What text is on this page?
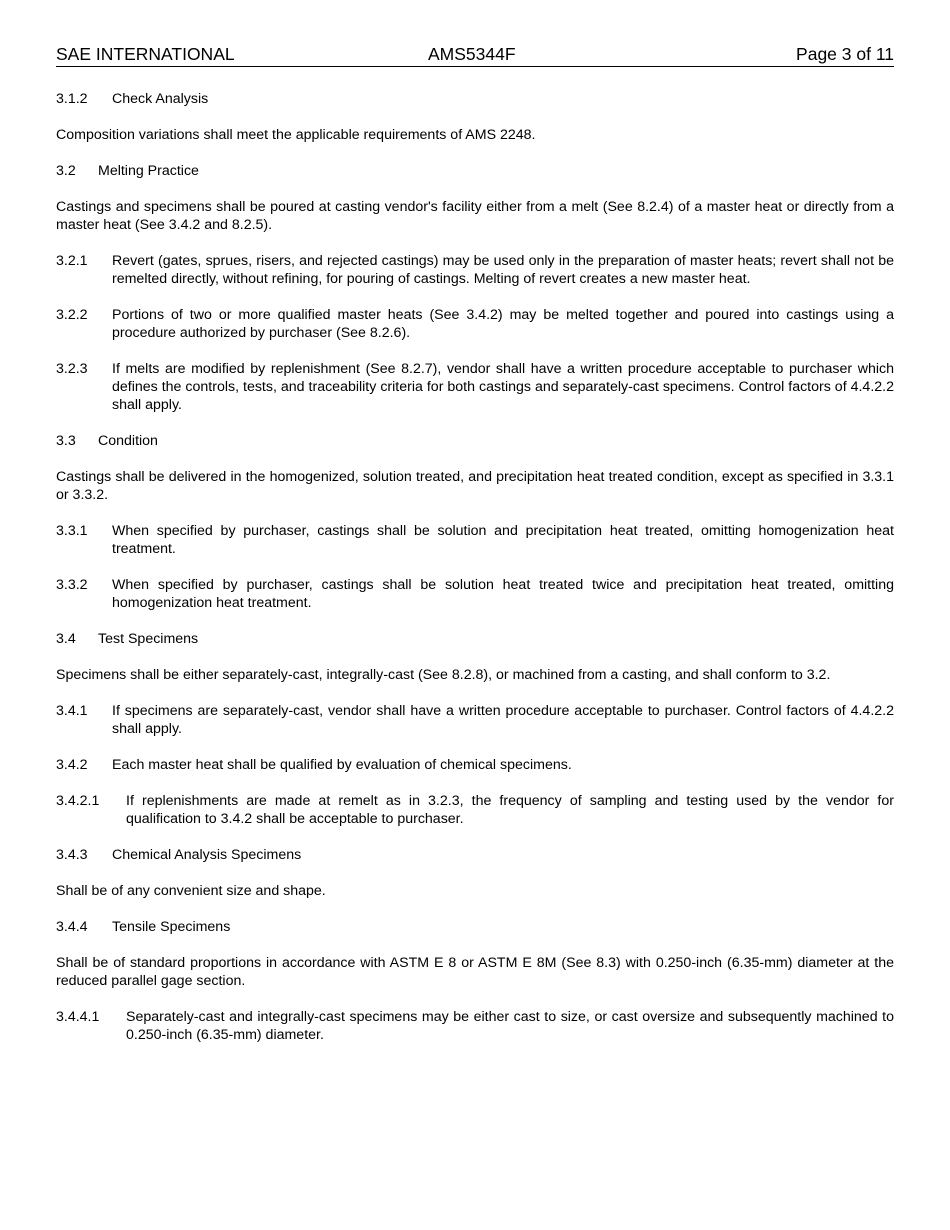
SAE INTERNATIONAL	AMS5344F	Page 3 of 11
3.1.2 Check Analysis

Composition variations shall meet the applicable requirements of AMS 2248.

3.2 Melting Practice

Castings and specimens shall be poured at casting vendor's facility either from a melt (See 8.2.4) of a master heat or directly from a master heat (See 3.4.2 and 8.2.5).

3.2.1	Revert (gates, sprues, risers, and rejected castings) may be used only in the preparation of master heats; revert shall not be remelted directly, without refining, for pouring of castings. Melting of revert creates a new master heat.
3.2.2	Portions of two or more qualified master heats (See 3.4.2) may be melted together and poured into castings using a procedure authorized by purchaser (See 8.2.6).
3.2.3	If melts are modified by replenishment (See 8.2.7), vendor shall have a written procedure acceptable to purchaser which defines the controls, tests, and traceability criteria for both castings and separately-cast specimens. Control factors of 4.4.2.2 shall apply.
3.3 Condition

Castings shall be delivered in the homogenized, solution treated, and precipitation heat treated condition, except as specified in 3.3.1 or 3.3.2.

3.3.1	When specified by purchaser, castings shall be solution and precipitation heat treated, omitting homogenization heat treatment.
3.3.2	When specified by purchaser, castings shall be solution heat treated twice and precipitation heat treated, omitting homogenization heat treatment.
3.4 Test Specimens

Specimens shall be either separately-cast, integrally-cast (See 8.2.8), or machined from a casting, and shall conform to 3.2.

3.4.1	If specimens are separately-cast, vendor shall have a written procedure acceptable to purchaser. Control factors of 4.4.2.2 shall apply.
3.4.2	Each master heat shall be qualified by evaluation of chemical specimens.
3.4.2.1	If replenishments are made at remelt as in 3.2.3, the frequency of sampling and testing used by the vendor for qualification to 3.4.2 shall be acceptable to purchaser.
3.4.3	Chemical Analysis Specimens

Shall be of any convenient size and shape.

3.4.4	Tensile Specimens

Shall be of standard proportions in accordance with ASTM E 8 or ASTM E 8M (See 8.3) with 0.250-inch (6.35-mm) diameter at the reduced parallel gage section.

3.4.4.1	Separately-cast and integrally-cast specimens may be either cast to size, or cast oversize and subsequently machined to 0.250-inch (6.35-mm) diameter.
